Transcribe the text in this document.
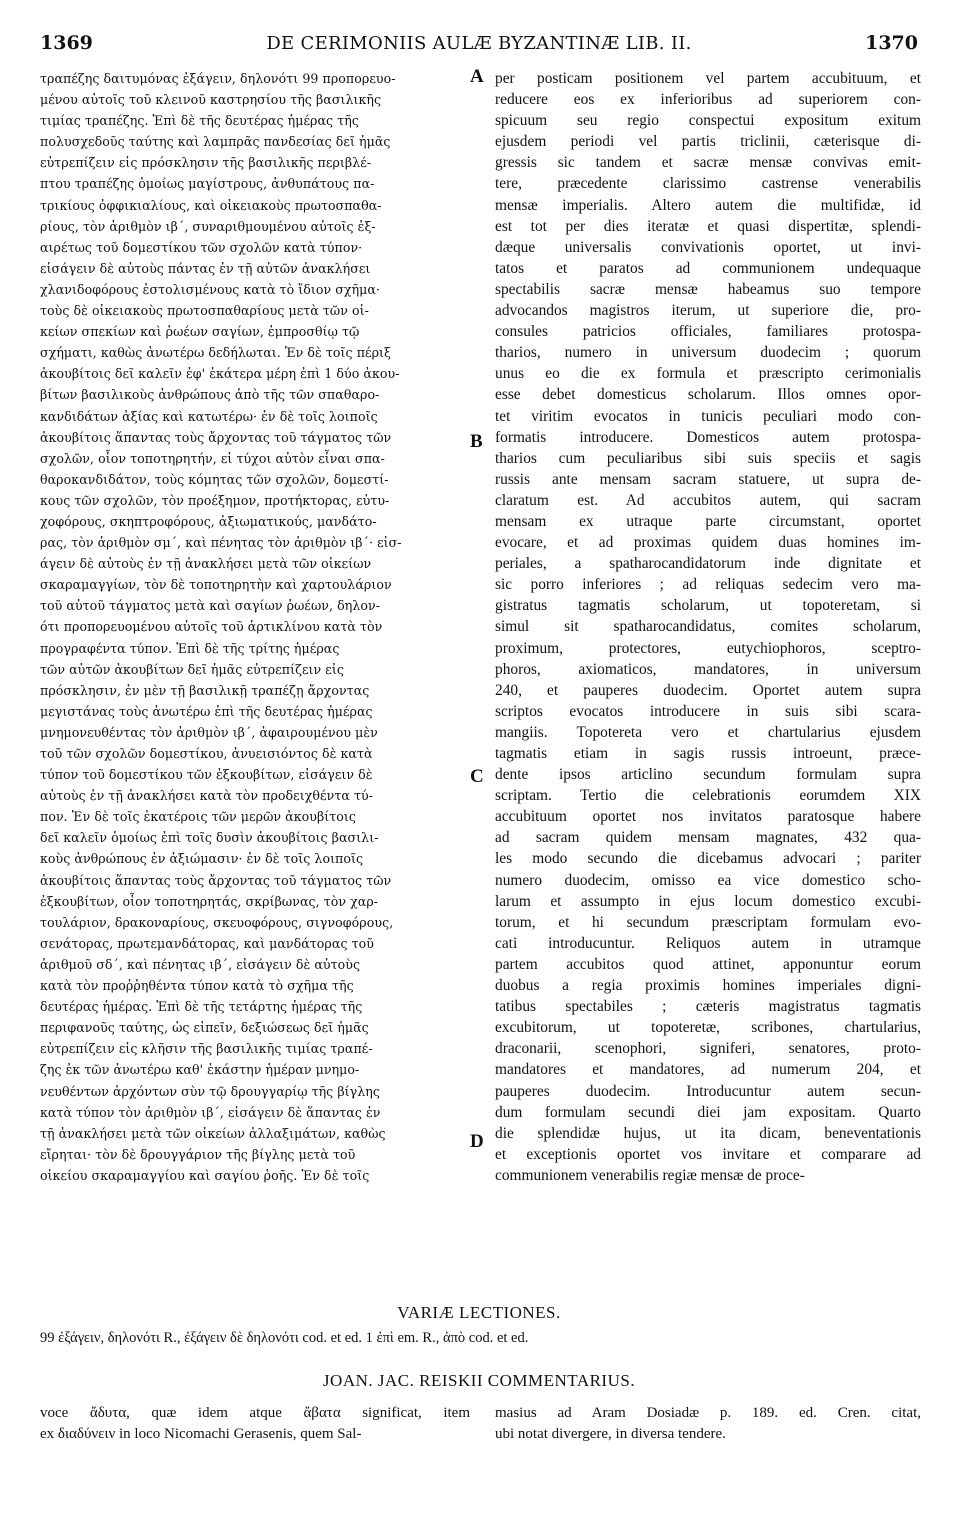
1369	DE CERIMONIIS AULÆ BYZANTINÆ LIB. II.	1370
τραπέζης δαιτυμόνας ἐξάγειν, δηλονότι 99 προπορευο-
μένου αὐτοῖς τοῦ κλεινοῦ καστρησίου τῆς βασιλικῆς
τιμίας τραπέζης. Ἐπὶ δὲ τῆς δευτέρας ἡμέρας τῆς
πολυσχεδοῦς ταύτης καὶ λαμπρᾶς πανδεσίας δεῖ ἡμᾶς
εὐτρεπίζειν εἰς πρόσκλησιν τῆς βασιλικῆς περιβλέ-
πτου τραπέζης ὁμοίως μαγίστρους, ἀνθυπάτους πα-
τρικίους ὀφφικιαλίους, καὶ οἰκειακοὺς πρωτοσπαθα-
ρίους, τὸν ἀριθμὸν ιβ΄, συναριθμουμένου αὐτοῖς ἐξ-
αιρέτως τοῦ δομεστίκου τῶν σχολῶν κατὰ τύπον·
εἰσάγειν δὲ αὐτοὺς πάντας ἐν τῇ αὐτῶν ἀνακλήσει
χλανιδοφόρους ἐστολισμένους κατὰ τὸ ἴδιον σχῆμα·
τοὺς δὲ οἰκειακοὺς πρωτοσπαθαρίους μετὰ τῶν οἰ-
κείων σπεκίων καὶ ῥωέων σαγίων, ἐμπροσθίῳ τῷ
σχήματι, καθὼς ἀνωτέρω δεδήλωται. Ἐν δὲ τοῖς πέριξ
ἀκουβίτοις δεῖ καλεῖν ἐφ' ἑκάτερα μέρη ἐπὶ 1 δύο ἀκου-
βίτων βασιλικοὺς ἀνθρώπους ἀπὸ τῆς τῶν σπαθαρο-
κανδιδάτων ἀξίας καὶ κατωτέρω· ἐν δὲ τοῖς λοιποῖς
ἀκουβίτοις ἅπαντας τοὺς ἄρχοντας τοῦ τάγματος τῶν
σχολῶν, οἷον τοποτηρητήν, εἰ τύχοι αὐτὸν εἶναι σπα-
θαροκανδιδάτον, τοὺς κόμητας τῶν σχολῶν, δομεστί-
κους τῶν σχολῶν, τὸν προέξημον, προτήκτορας, εὐτυ-
χοφόρους, σκηπτροφόρους, ἀξιωματικούς, μανδάτο-
ρας, τὸν ἀριθμὸν σμ΄, καὶ πένητας τὸν ἀριθμὸν ιβ΄· εἰσ-
άγειν δὲ αὐτοὺς ἐν τῇ ἀνακλήσει μετὰ τῶν οἰκείων
σκαραμαγγίων, τὸν δὲ τοποτηρητὴν καὶ χαρτουλάριον
τοῦ αὐτοῦ τάγματος μετὰ καὶ σαγίων ῥωέων, δηλον-
ότι προπορευομένου αὐτοῖς τοῦ ἀρτικλίνου κατὰ τὸν
προγραφέντα τύπον. Ἐπὶ δὲ τῆς τρίτης ἡμέρας
τῶν αὐτῶν ἀκουβίτων δεῖ ἡμᾶς εὐτρεπίζειν εἰς
πρόσκλησιν, ἐν μὲν τῇ βασιλικῇ τραπέζῃ ἄρχοντας
μεγιστάνας τοὺς ἀνωτέρω ἐπὶ τῆς δευτέρας ἡμέρας
μνημονευθέντας τὸν ἀριθμὸν ιβ΄, ἀφαιρουμένου μὲν
τοῦ τῶν σχολῶν δομεστίκου, ἀνυεισιόντος δὲ κατὰ
τύπον τοῦ δομεστίκου τῶν ἐξκουβίτων, εἰσάγειν δὲ
αὐτοὺς ἐν τῇ ἀνακλήσει κατὰ τὸν προδειχθέντα τύ-
πον. Ἐν δὲ τοῖς ἑκατέροις τῶν μερῶν ἀκουβίτοις
δεῖ καλεῖν ὁμοίως ἐπὶ τοῖς δυσὶν ἀκουβίτοις βασιλι-
κοὺς ἀνθρώπους ἐν ἀξιώμασιν· ἐν δὲ τοῖς λοιποῖς
ἀκουβίτοις ἅπαντας τοὺς ἄρχοντας τοῦ τάγματος τῶν
ἐξκουβίτων, οἷον τοποτηρητάς, σκρίβωνας, τὸν χαρ-
τουλάριον, δρακοναρίους, σκευοφόρους, σιγνοφόρους,
σενάτορας, πρωτεμανδάτορας, καὶ μανδάτορας τοῦ
ἀριθμοῦ σδ΄, καὶ πένητας ιβ΄, εἰσάγειν δὲ αὐτοὺς
κατὰ τὸν προῤῥηθέντα τύπον κατὰ τὸ σχῆμα τῆς
δευτέρας ἡμέρας. Ἐπὶ δὲ τῆς τετάρτης ἡμέρας τῆς
περιφανοῦς ταύτης, ὡς εἰπεῖν, δεξιώσεως δεῖ ἡμᾶς
εὐτρεπίζειν εἰς κλῆσιν τῆς βασιλικῆς τιμίας τραπέ-
ζης ἐκ τῶν ἀνωτέρω καθ' ἑκάστην ἡμέραν μνημο-
νευθέντων ἀρχόντων σὺν τῷ δρουγγαρίῳ τῆς βίγλης
κατὰ τύπον τὸν ἀριθμὸν ιβ΄, εἰσάγειν δὲ ἅπαντας ἐν
τῇ ἀνακλήσει μετὰ τῶν οἰκείων ἀλλαξιμάτων, καθὼς
εἴρηται· τὸν δὲ δρουγγάριον τῆς βίγλης μετὰ τοῦ
οἰκείου σκαραμαγγίου καὶ σαγίου ῥοῆς. Ἐν δὲ τοῖς
per posticam positionem vel partem accubituum, et
reducere eos ex inferioribus ad superiorem con-
spicuum seu regio conspectui expositum exitum
ejusdem periodi vel partis triclinii, cæterisque di-
gressis sic tandem et sacræ mensæ convivas emit-
tere, præcedente clarissimo castrense venerabilis
mensæ imperialis. Altero autem die multifidæ, id
est tot per dies iteratæ et quasi dispertitæ, splendi-
dæque universalis convivationis oportet, ut invi-
tatos et paratos ad communionem undequaque
spectabilis sacræ mensæ habeamus suo tempore
advocandos magistros iterum, ut superiore die, pro-
consules patricios officiales, familiares protospa-
tharios, numero in universum duodecim ; quorum
unus eo die ex formula et præscripto cerimonialis
esse debet domesticus scholarum. Illos omnes opor-
tet viritim evocatos in tunicis peculiari modo con-
formatis introducere. Domesticos autem protospa-
tharios cum peculiaribus sibi suis speciis et sagis
russis ante mensam sacram statuere, ut supra de-
claratum est. Ad accubitos autem, qui sacram
mensam ex utraque parte circumstant, oportet
evocare, et ad proximas quidem duas homines im-
periales, a spatharocandidatorum inde dignitate et
sic porro inferiores ; ad reliquas sedecim vero ma-
gistratus tagmatis scholarum, ut topoteretam, si
simul sit spatharocandidatus, comites scholarum,
proximum, protectores, eutychiophoros, sceptro-
phoros, axiomaticos, mandatores, in universum
240, et pauperes duodecim. Oportet autem supra
scriptos evocatos introducere in suis sibi scara-
mangiis. Topotereta vero et chartularius ejusdem
tagmatis etiam in sagis russis introeunt, præce-
dente ipsos articlino secundum formulam supra
scriptam. Tertio die celebrationis eorumdem XIX
accubituum oportet nos invitatos paratosque habere
ad sacram quidem mensam magnates, 432 qua-
les modo secundo die dicebamus advocari ; pariter
numero duodecim, omisso ea vice domestico scho-
larum et assumpto in ejus locum domestico excubi-
torum, et hi secundum præscriptam formulam evo-
cati introducuntur. Reliquos autem in utramque
partem accubitos quod attinet, apponuntur eorum
duobus a regia proximis homines imperiales digni-
tatibus spectabiles ; cæteris magistratus tagmatis
excubitorum, ut topoteretæ, scribones, chartularius,
draconarii, scenophori, signiferi, senatores, proto-
mandatores et mandatores, ad numerum 204, et
pauperes duodecim. Introducuntur autem secun-
dum formulam secundi diei jam expositam. Quarto
die splendidæ hujus, ut ita dicam, beneventationis
et exceptionis oportet vos invitare et comparare ad
communionem venerabilis regiæ mensæ de proce-
A
B
C
D
VARIÆ LECTIONES.
99 ἐξάγειν, δηλονότι R., ἐξάγειν δὲ δηλονότι cod. et ed. 1 ἐπὶ em. R., ἀπὸ cod. et ed.
JOAN. JAC. REISKII COMMENTARIUS.
voce ἄδυτα, quæ idem atque ἄβατα significat, item
ex διαδύνειν in loco Nicomachi Gerasenis, quem Sal-
masius ad Aram Dosiadæ p. 189. ed. Cren. citat,
ubi notat divergere, in diversa tendere.
